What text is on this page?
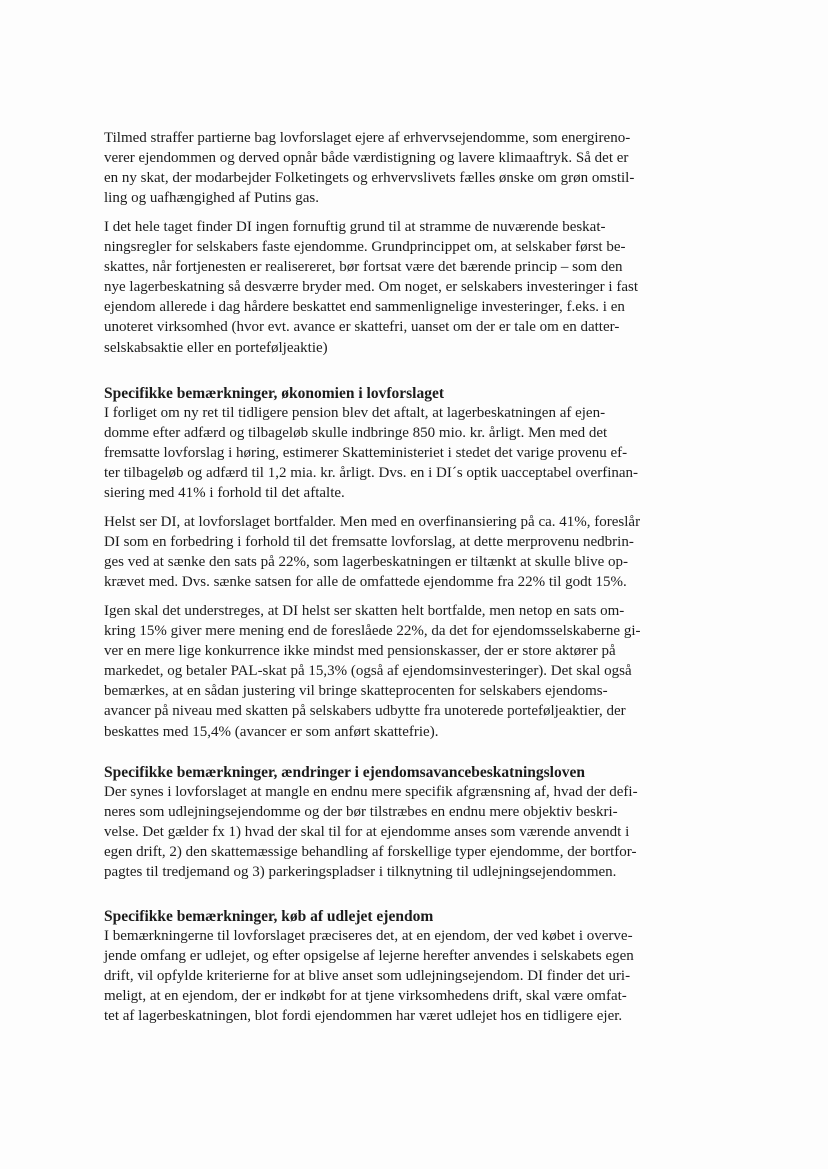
Tilmed straffer partierne bag lovforslaget ejere af erhvervsejendomme, som energireno-

verer ejendommen og derved opnår både værdistigning og lavere klimaaftryk. Så det er

en ny skat, der modarbejder Folketingets og erhvervslivets fælles ønske om grøn omstil-

ling og uafhængighed af Putins gas.

I det hele taget finder DI ingen fornuftig grund til at stramme de nuværende beskat-

ningsregler for selskabers faste ejendomme. Grundprincippet om, at selskaber først be-

skattes, når fortjenesten er realisereret, bør fortsat være det bærende princip – som den

nye lagerbeskatning så desværre bryder med. Om noget, er selskabers investeringer i fast

ejendom allerede i dag hårdere beskattet end sammenlignelige investeringer, f.eks. i en

unoteret virksomhed (hvor evt. avance er skattefri, uanset om der er tale om en datter-

selskabsaktie eller en porteføljeaktie)

Specifikke bemærkninger, økonomien i lovforslaget

I forliget om ny ret til tidligere pension blev det aftalt, at lagerbeskatningen af ejen-

domme efter adfærd og tilbageløb skulle indbringe 850 mio. kr. årligt. Men med det

fremsatte lovforslag i høring, estimerer Skatteministeriet i stedet det varige provenu ef-

ter tilbageløb og adfærd til 1,2 mia. kr. årligt. Dvs. en i DI´s optik uacceptabel overfinan-

siering med 41% i forhold til det aftalte.

Helst ser DI, at lovforslaget bortfalder. Men med en overfinansiering på ca. 41%, foreslår

DI som en forbedring i forhold til det fremsatte lovforslag, at dette merprovenu nedbrin-

ges ved at sænke den sats på 22%, som lagerbeskatningen er tiltænkt at skulle blive op-

krævet med. Dvs. sænke satsen for alle de omfattede ejendomme fra 22% til godt 15%.

Igen skal det understreges, at DI helst ser skatten helt bortfalde, men netop en sats om-

kring 15% giver mere mening end de foreslåede 22%, da det for ejendomsselskaberne gi-

ver en mere lige konkurrence ikke mindst med pensionskasser, der er store aktører på

markedet, og betaler PAL-skat på 15,3% (også af ejendomsinvesteringer). Det skal også

bemærkes, at en sådan justering vil bringe skatteprocenten for selskabers ejendoms-

avancer på niveau med skatten på selskabers udbytte fra unoterede porteføljeaktier, der

beskattes med 15,4% (avancer er som anført skattefrie).

Specifikke bemærkninger, ændringer i ejendomsavancebeskatningsloven

Der synes i lovforslaget at mangle en endnu mere specifik afgrænsning af, hvad der defi-

neres som udlejningsejendomme og der bør tilstræbes en endnu mere objektiv beskri-

velse. Det gælder fx 1) hvad der skal til for at ejendomme anses som værende anvendt i

egen drift, 2) den skattemæssige behandling af forskellige typer ejendomme, der bortfor-

pagtes til tredjemand og 3) parkeringspladser i tilknytning til udlejningsejendommen.

Specifikke bemærkninger, køb af udlejet ejendom

I bemærkningerne til lovforslaget præciseres det, at en ejendom, der ved købet i overve-

jende omfang er udlejet, og efter opsigelse af lejerne herefter anvendes i selskabets egen

drift, vil opfylde kriterierne for at blive anset som udlejningsejendom. DI finder det uri-

meligt, at en ejendom, der er indkøbt for at tjene virksomhedens drift, skal være omfat-

tet af lagerbeskatningen, blot fordi ejendommen har været udlejet hos en tidligere ejer.
